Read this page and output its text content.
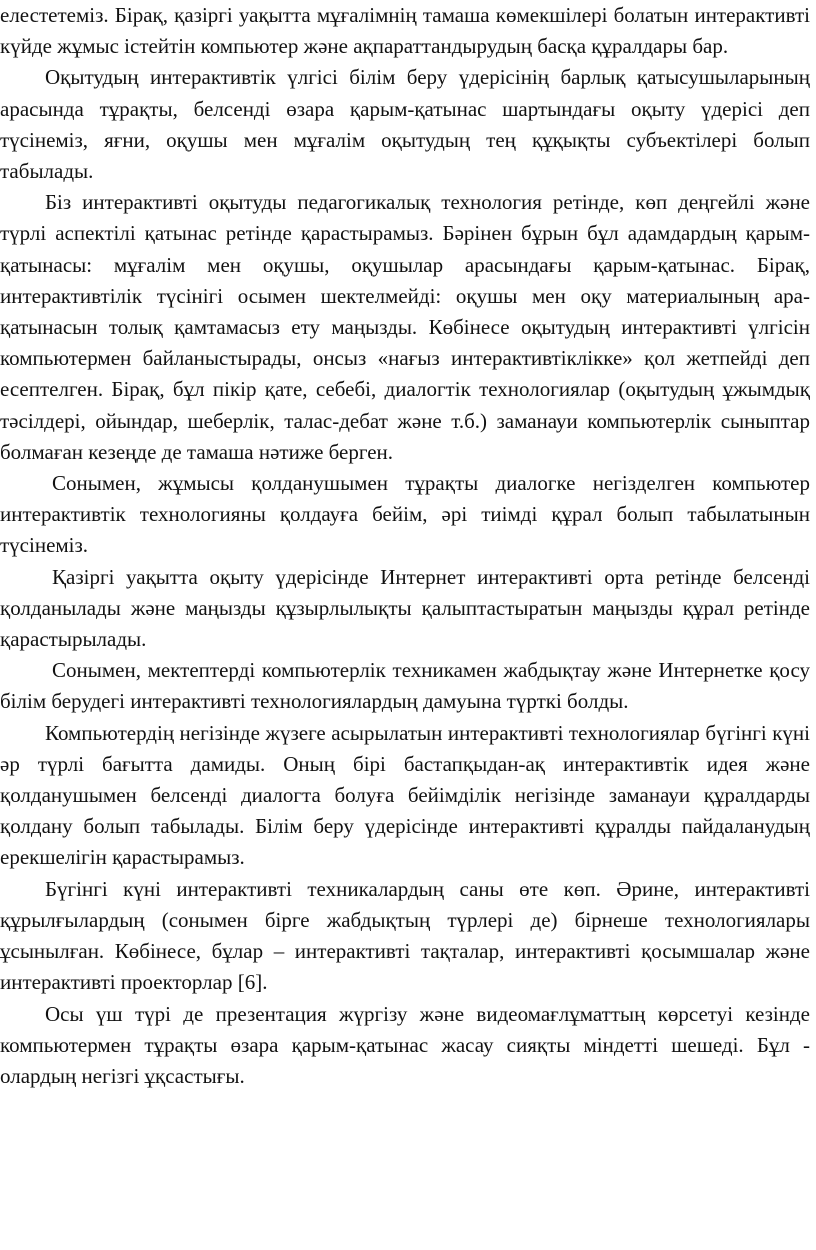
елестетеміз. Бірақ, қазіргі уақытта мұғалімнің тамаша көмекшілері болатын интерактивті күйде жұмыс істейтін компьютер және ақпараттандырудың басқа құралдары бар.

Оқытудың интерактивтік үлгісі білім беру үдерісінің барлық қатысушыларының арасында тұрақты, белсенді өзара қарым-қатынас шартындағы оқыту үдерісі деп түсінеміз, яғни, оқушы мен мұғалім оқытудың тең құқықты субъектілері болып табылады.

Біз интерактивті оқытуды педагогикалық технология ретінде, көп деңгейлі және түрлі аспектілі қатынас ретінде қарастырамыз. Бәрінен бұрын бұл адамдардың қарым-қатынасы: мұғалім мен оқушы, оқушылар арасындағы қарым-қатынас. Бірақ, интерактивтілік түсінігі осымен шектелмейді: оқушы мен оқу материалының ара-қатынасын толық қамтамасыз ету маңызды. Көбінесе оқытудың интерактивті үлгісін компьютермен байланыстырады, онсыз «нағыз интерактивтіклікке» қол жетпейді деп есептелген. Бірақ, бұл пікір қате, себебі, диалогтік технологиялар (оқытудың ұжымдық тәсілдері, ойындар, шеберлік, талас-дебат және т.б.) заманауи компьютерлік сыныптар болмаған кезеңде де тамаша нәтиже берген.

Сонымен, жұмысы қолданушымен тұрақты диалогке негізделген компьютер интерактивтік технологияны қолдауға бейім, әрі тиімді құрал болып табылатынын түсінеміз.

Қазіргі уақытта оқыту үдерісінде Интернет интерактивті орта ретінде белсенді қолданылады және маңызды құзырлылықты қалыптастыратын маңызды құрал ретінде қарастырылады.

Сонымен, мектептерді компьютерлік техникамен жабдықтау және Интернетке қосу білім берудегі интерактивті технологиялардың дамуына түрткі болды.

Компьютердің негізінде жүзеге асырылатын интерактивті технологиялар бүгінгі күні әр түрлі бағытта дамиды. Оның бірі бастапқыдан-ақ интерактивтік идея және қолданушымен белсенді диалогта болуға бейімділік негізінде заманауи құралдарды қолдану болып табылады. Білім беру үдерісінде интерактивті құралды пайдаланудың ерекшелігін қарастырамыз.

Бүгінгі күні интерактивті техникалардың саны өте көп. Әрине, интерактивті құрылғылардың (сонымен бірге жабдықтың түрлері де) бірнеше технологиялары ұсынылған. Көбінесе, бұлар – интерактивті тақталар, интерактивті қосымшалар және интерактивті проекторлар [6].

Осы үш түрі де презентация жүргізу және видеомағлұматтың көрсетуі кезінде компьютермен тұрақты өзара қарым-қатынас жасау сияқты міндетті шешеді. Бұл - олардың негізгі ұқсастығы.
